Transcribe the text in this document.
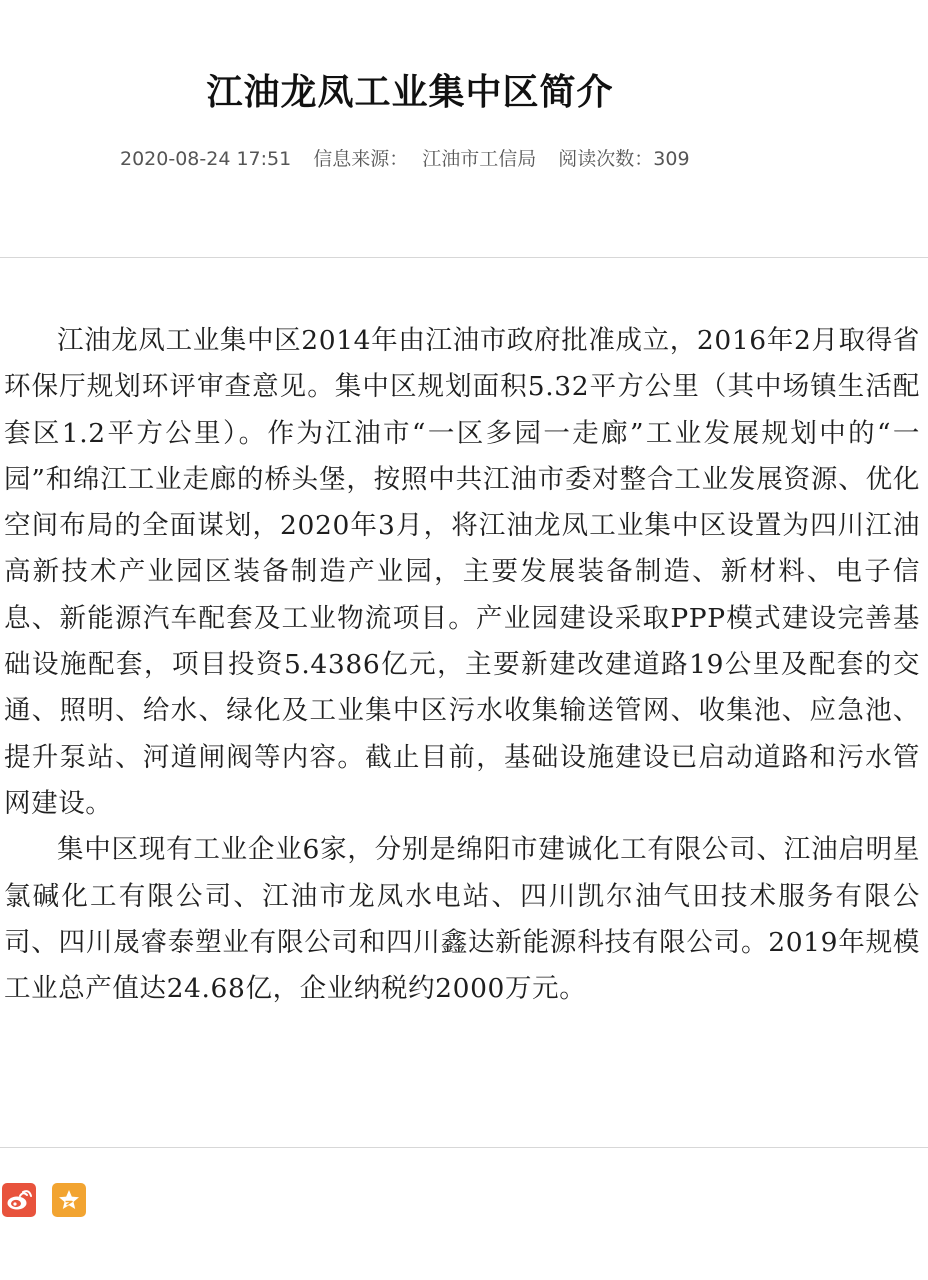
江油龙凤工业集中区简介
2020-08-24 17:51 信息来源： 江油市工信局 阅读次数：309

江油龙凤工业集中区2014年由江油市政府批准成立，2016年2月取得省环保厅规划环评审查意见。集中区规划面积5.32平方公里（其中场镇生活配套区1.2平方公里）。作为江油市“一区多园一走廊”工业发展规划中的“一园”和绵江工业走廊的桥头堡，按照中共江油市委对整合工业发展资源、优化空间布局的全面谋划，2020年3月，将江油龙凤工业集中区设置为四川江油高新技术产业园区装备制造产业园，主要发展装备制造、新材料、电子信息、新能源汽车配套及工业物流项目。产业园建设采取PPP模式建设完善基础设施配套，项目投资5.4386亿元，主要新建改建道路19公里及配套的交通、照明、给水、绿化及工业集中区污水收集输送管网、收集池、应急池、提升泵站、河道闸阀等内容。截止目前，基础设施建设已启动道路和污水管网建设。

集中区现有工业企业6家，分别是绵阳市建诚化工有限公司、江油启明星氯碱化工有限公司、江油市龙凤水电站、四川凯尔油气田技术服务有限公司、四川晟睿泰塑业有限公司和四川鑫达新能源科技有限公司。2019年规模工业总产值达24.68亿，企业纳税约2000万元。
